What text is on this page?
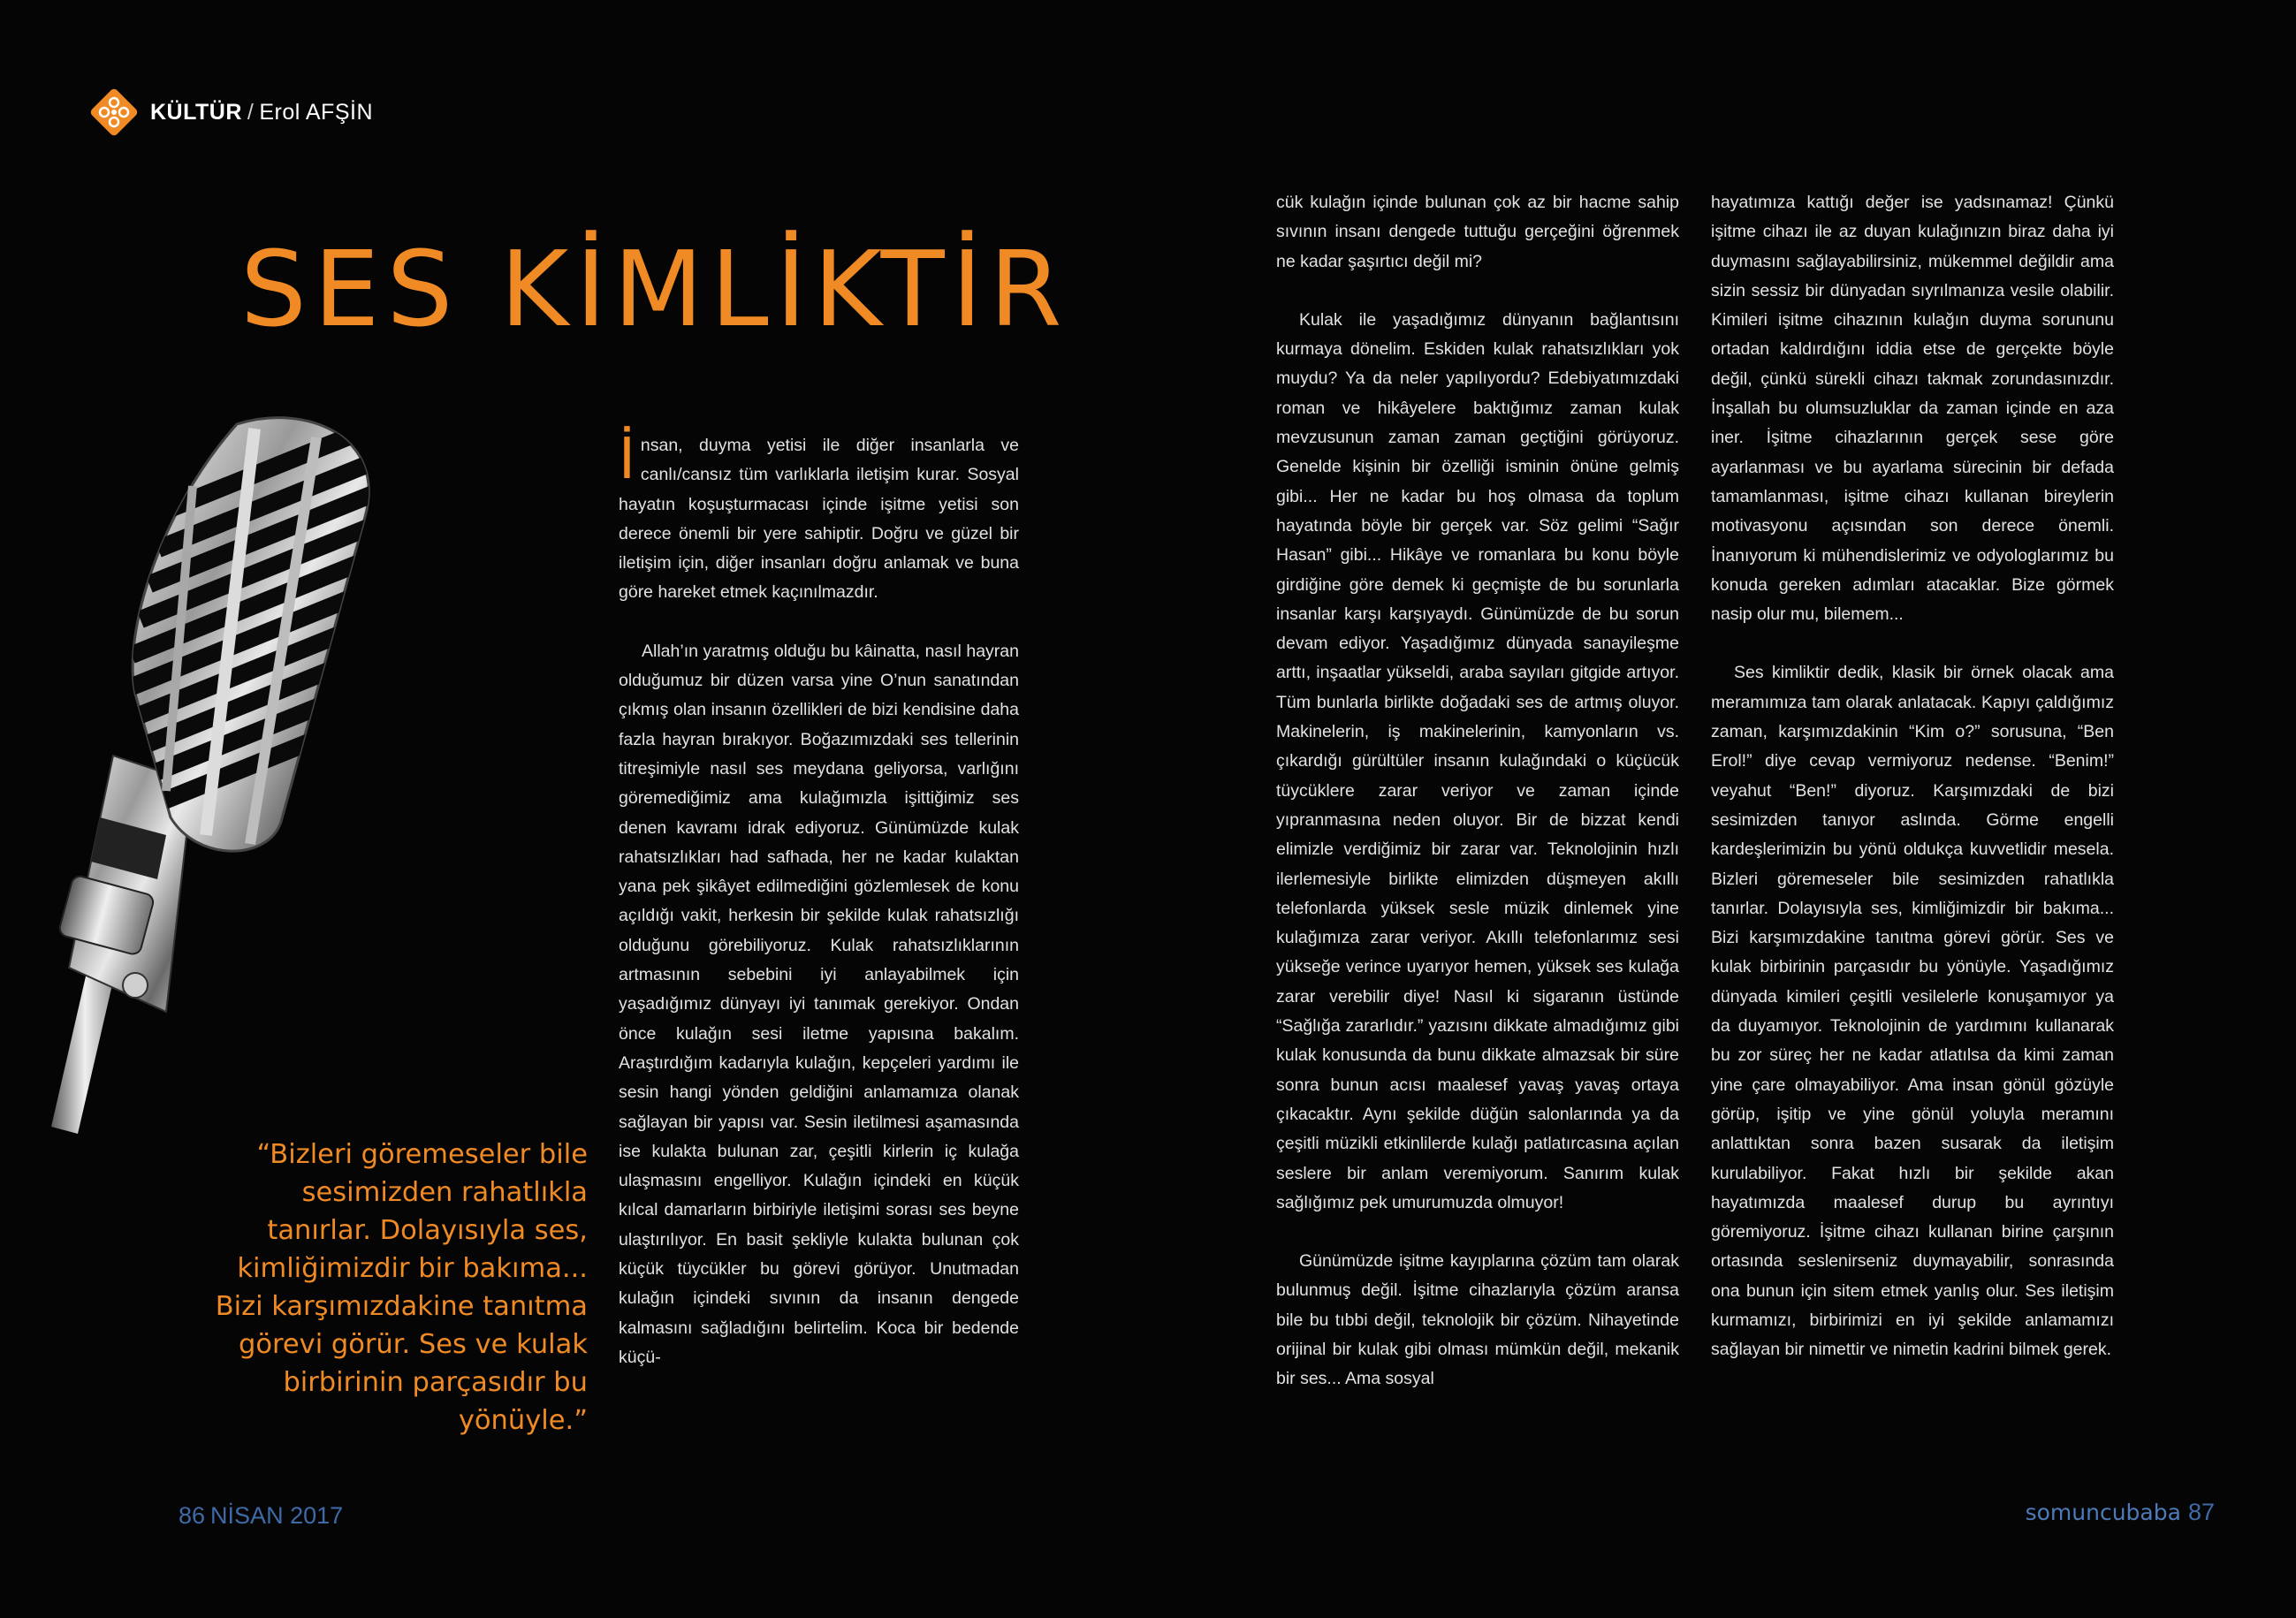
KÜLTÜR / Erol AFŞİN
SES KİMLİKTİR
“Bizleri göremeseler bile sesimizden rahatlıkla tanırlar. Dolayısıyla ses, kimliğimizdir bir bakıma... Bizi karşımızdakine tanıtma görevi görür. Ses ve kulak birbirinin parçasıdır bu yönüyle.”

İnsan, duyma yetisi ile diğer insanlarla ve canlı/cansız tüm varlıklarla iletişim kurar. Sosyal hayatın koşuşturmacası içinde işitme yetisi son derece önemli bir yere sahiptir. Doğru ve güzel bir iletişim için, diğer insanları doğru anlamak ve buna göre hareket etmek kaçınılmazdır.

Allah’ın yaratmış olduğu bu kâinatta, nasıl hayran olduğumuz bir düzen varsa yine O’nun sanatından çıkmış olan insanın özellikleri de bizi kendisine daha fazla hayran bırakıyor. Boğazımızdaki ses tellerinin titreşimiyle nasıl ses meydana geliyorsa, varlığını göremediğimiz ama kulağımızla işittiğimiz ses denen kavramı idrak ediyoruz. Günümüzde kulak rahatsızlıkları had safhada, her ne kadar kulaktan yana pek şikâyet edilmediğini gözlemlesek de konu açıldığı vakit, herkesin bir şekilde kulak rahatsızlığı olduğunu görebiliyoruz. Kulak rahatsızlıklarının artmasının sebebini iyi anlayabilmek için yaşadığımız dünyayı iyi tanımak gerekiyor. Ondan önce kulağın sesi iletme yapısına bakalım. Araştırdığım kadarıyla kulağın, kepçeleri yardımı ile sesin hangi yönden geldiğini anlamamıza olanak sağlayan bir yapısı var. Sesin iletilmesi aşamasında ise kulakta bulunan zar, çeşitli kirlerin iç kulağa ulaşmasını engelliyor. Kulağın içindeki en küçük kılcal damarların birbiriyle iletişimi sorası ses beyne ulaştırılıyor. En basit şekliyle kulakta bulunan çok küçük tüycükler bu görevi görüyor. Unutmadan kulağın içindeki sıvının da insanın dengede kalmasını sağladığını belirtelim. Koca bir bedende küçü-

86 NİSAN 2017	somuncubaba 87

cük kulağın içinde bulunan çok az bir hacme sahip sıvının insanı dengede tuttuğu gerçeğini öğrenmek ne kadar şaşırtıcı değil mi?

Kulak ile yaşadığımız dünyanın bağlantısını kurmaya dönelim. Eskiden kulak rahatsızlıkları yok muydu? Ya da neler yapılıyordu? Edebiyatımızdaki roman ve hikâyelere baktığımız zaman kulak mevzusunun zaman zaman geçtiğini görüyoruz. Genelde kişinin bir özelliği isminin önüne gelmiş gibi... Her ne kadar bu hoş olmasa da toplum hayatında böyle bir gerçek var. Söz gelimi “Sağır Hasan” gibi... Hikâye ve romanlara bu konu böyle girdiğine göre demek ki geçmişte de bu sorunlarla insanlar karşı karşıyaydı. Günümüzde de bu sorun devam ediyor. Yaşadığımız dünyada sanayileşme arttı, inşaatlar yükseldi, araba sayıları gitgide artıyor. Tüm bunlarla birlikte doğadaki ses de artmış oluyor. Makinelerin, iş makinelerinin, kamyonların vs. çıkardığı gürültüler insanın kulağındaki o küçücük tüycüklere zarar veriyor ve zaman içinde yıpranmasına neden oluyor. Bir de bizzat kendi elimizle verdiğimiz bir zarar var. Teknolojinin hızlı ilerlemesiyle birlikte elimizden düşmeyen akıllı telefonlarda yüksek sesle müzik dinlemek yine kulağımıza zarar veriyor. Akıllı telefonlarımız sesi yükseğe verince uyarıyor hemen, yüksek ses kulağa zarar verebilir diye! Nasıl ki sigaranın üstünde “Sağlığa zararlıdır.” yazısını dikkate almadığımız gibi kulak konusunda da bunu dikkate almazsak bir süre sonra bunun acısı maalesef yavaş yavaş ortaya çıkacaktır. Aynı şekilde düğün salonlarında ya da çeşitli müzikli etkinlilerde kulağı patlatırcasına açılan seslere bir anlam veremiyorum. Sanırım kulak sağlığımız pek umurumuzda olmuyor!

Günümüzde işitme kayıplarına çözüm tam olarak bulunmuş değil. İşitme cihazlarıyla çözüm aransa bile bu tıbbi değil, teknolojik bir çözüm. Nihayetinde orijinal bir kulak gibi olması mümkün değil, mekanik bir ses... Ama sosyal

hayatımıza kattığı değer ise yadsınamaz! Çünkü işitme cihazı ile az duyan kulağınızın biraz daha iyi duymasını sağlayabilirsiniz, mükemmel değildir ama sizin sessiz bir dünyadan sıyrılmanıza vesile olabilir. Kimileri işitme cihazının kulağın duyma sorununu ortadan kaldırdığını iddia etse de gerçekte böyle değil, çünkü sürekli cihazı takmak zorundasınızdır. İnşallah bu olumsuzluklar da zaman içinde en aza iner. İşitme cihazlarının gerçek sese göre ayarlanması ve bu ayarlama sürecinin bir defada tamamlanması, işitme cihazı kullanan bireylerin motivasyonu açısından son derece önemli. İnanıyorum ki mühendislerimiz ve odyologlarımız bu konuda gereken adımları atacaklar. Bize görmek nasip olur mu, bilemem...

Ses kimliktir dedik, klasik bir örnek olacak ama meramımıza tam olarak anlatacak. Kapıyı çaldığımız zaman, karşımızdakinin “Kim o?” sorusuna, “Ben Erol!” diye cevap vermiyoruz nedense. “Benim!” veyahut “Ben!” diyoruz. Karşımızdaki de bizi sesimizden tanıyor aslında. Görme engelli kardeşlerimizin bu yönü oldukça kuvvetlidir mesela. Bizleri göremeseler bile sesimizden rahatlıkla tanırlar. Dolayısıyla ses, kimliğimizdir bir bakıma... Bizi karşımızdakine tanıtma görevi görür. Ses ve kulak birbirinin parçasıdır bu yönüyle. Yaşadığımız dünyada kimileri çeşitli vesilelerle konuşamıyor ya da duyamıyor. Teknolojinin de yardımını kullanarak bu zor süreç her ne kadar atlatılsa da kimi zaman yine çare olmayabiliyor. Ama insan gönül gözüyle görüp, işitip ve yine gönül yoluyla meramını anlattıktan sonra bazen susarak da iletişim kurulabiliyor. Fakat hızlı bir şekilde akan hayatımızda maalesef durup bu ayrıntıyı göremiyoruz. İşitme cihazı kullanan birine çarşının ortasında seslenirseniz duymayabilir, sonrasında ona bunun için sitem etmek yanlış olur. Ses iletişim kurmamızı, birbirimizi en iyi şekilde anlamamızı sağlayan bir nimettir ve nimetin kadrini bilmek gerek.
